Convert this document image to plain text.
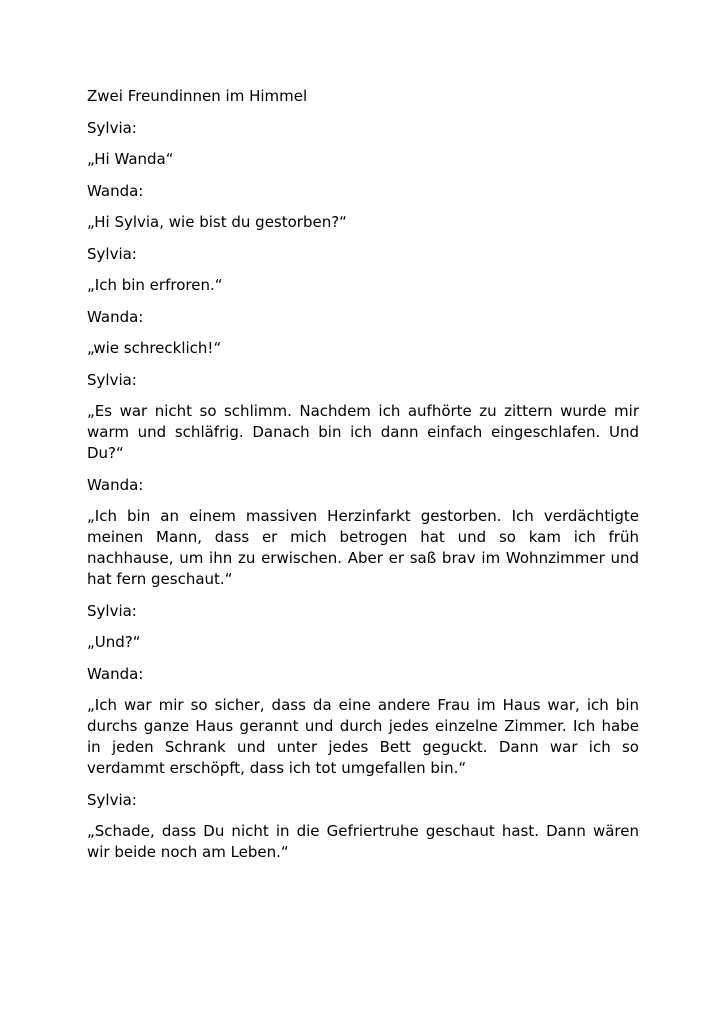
Zwei Freundinnen im Himmel

Sylvia:

„Hi Wanda“

Wanda:

„Hi Sylvia, wie bist du gestorben?“

Sylvia:

„Ich bin erfroren.“

Wanda:

„wie schrecklich!“

Sylvia:

„Es war nicht so schlimm. Nachdem ich aufhörte zu zittern wurde mir warm und schläfrig. Danach bin ich dann einfach eingeschlafen. Und Du?“

Wanda:

„Ich bin an einem massiven Herzinfarkt gestorben. Ich verdächtigte meinen Mann, dass er mich betrogen hat und so kam ich früh nachhause, um ihn zu erwischen. Aber er saß brav im Wohnzimmer und hat fern geschaut.“

Sylvia:

„Und?“

Wanda:

„Ich war mir so sicher, dass da eine andere Frau im Haus war, ich bin durchs ganze Haus gerannt und durch jedes einzelne Zimmer. Ich habe in jeden Schrank und unter jedes Bett geguckt. Dann war ich so verdammt erschöpft, dass ich tot umgefallen bin.“

Sylvia:

„Schade, dass Du nicht in die Gefriertruhe geschaut hast. Dann wären wir beide noch am Leben.“
